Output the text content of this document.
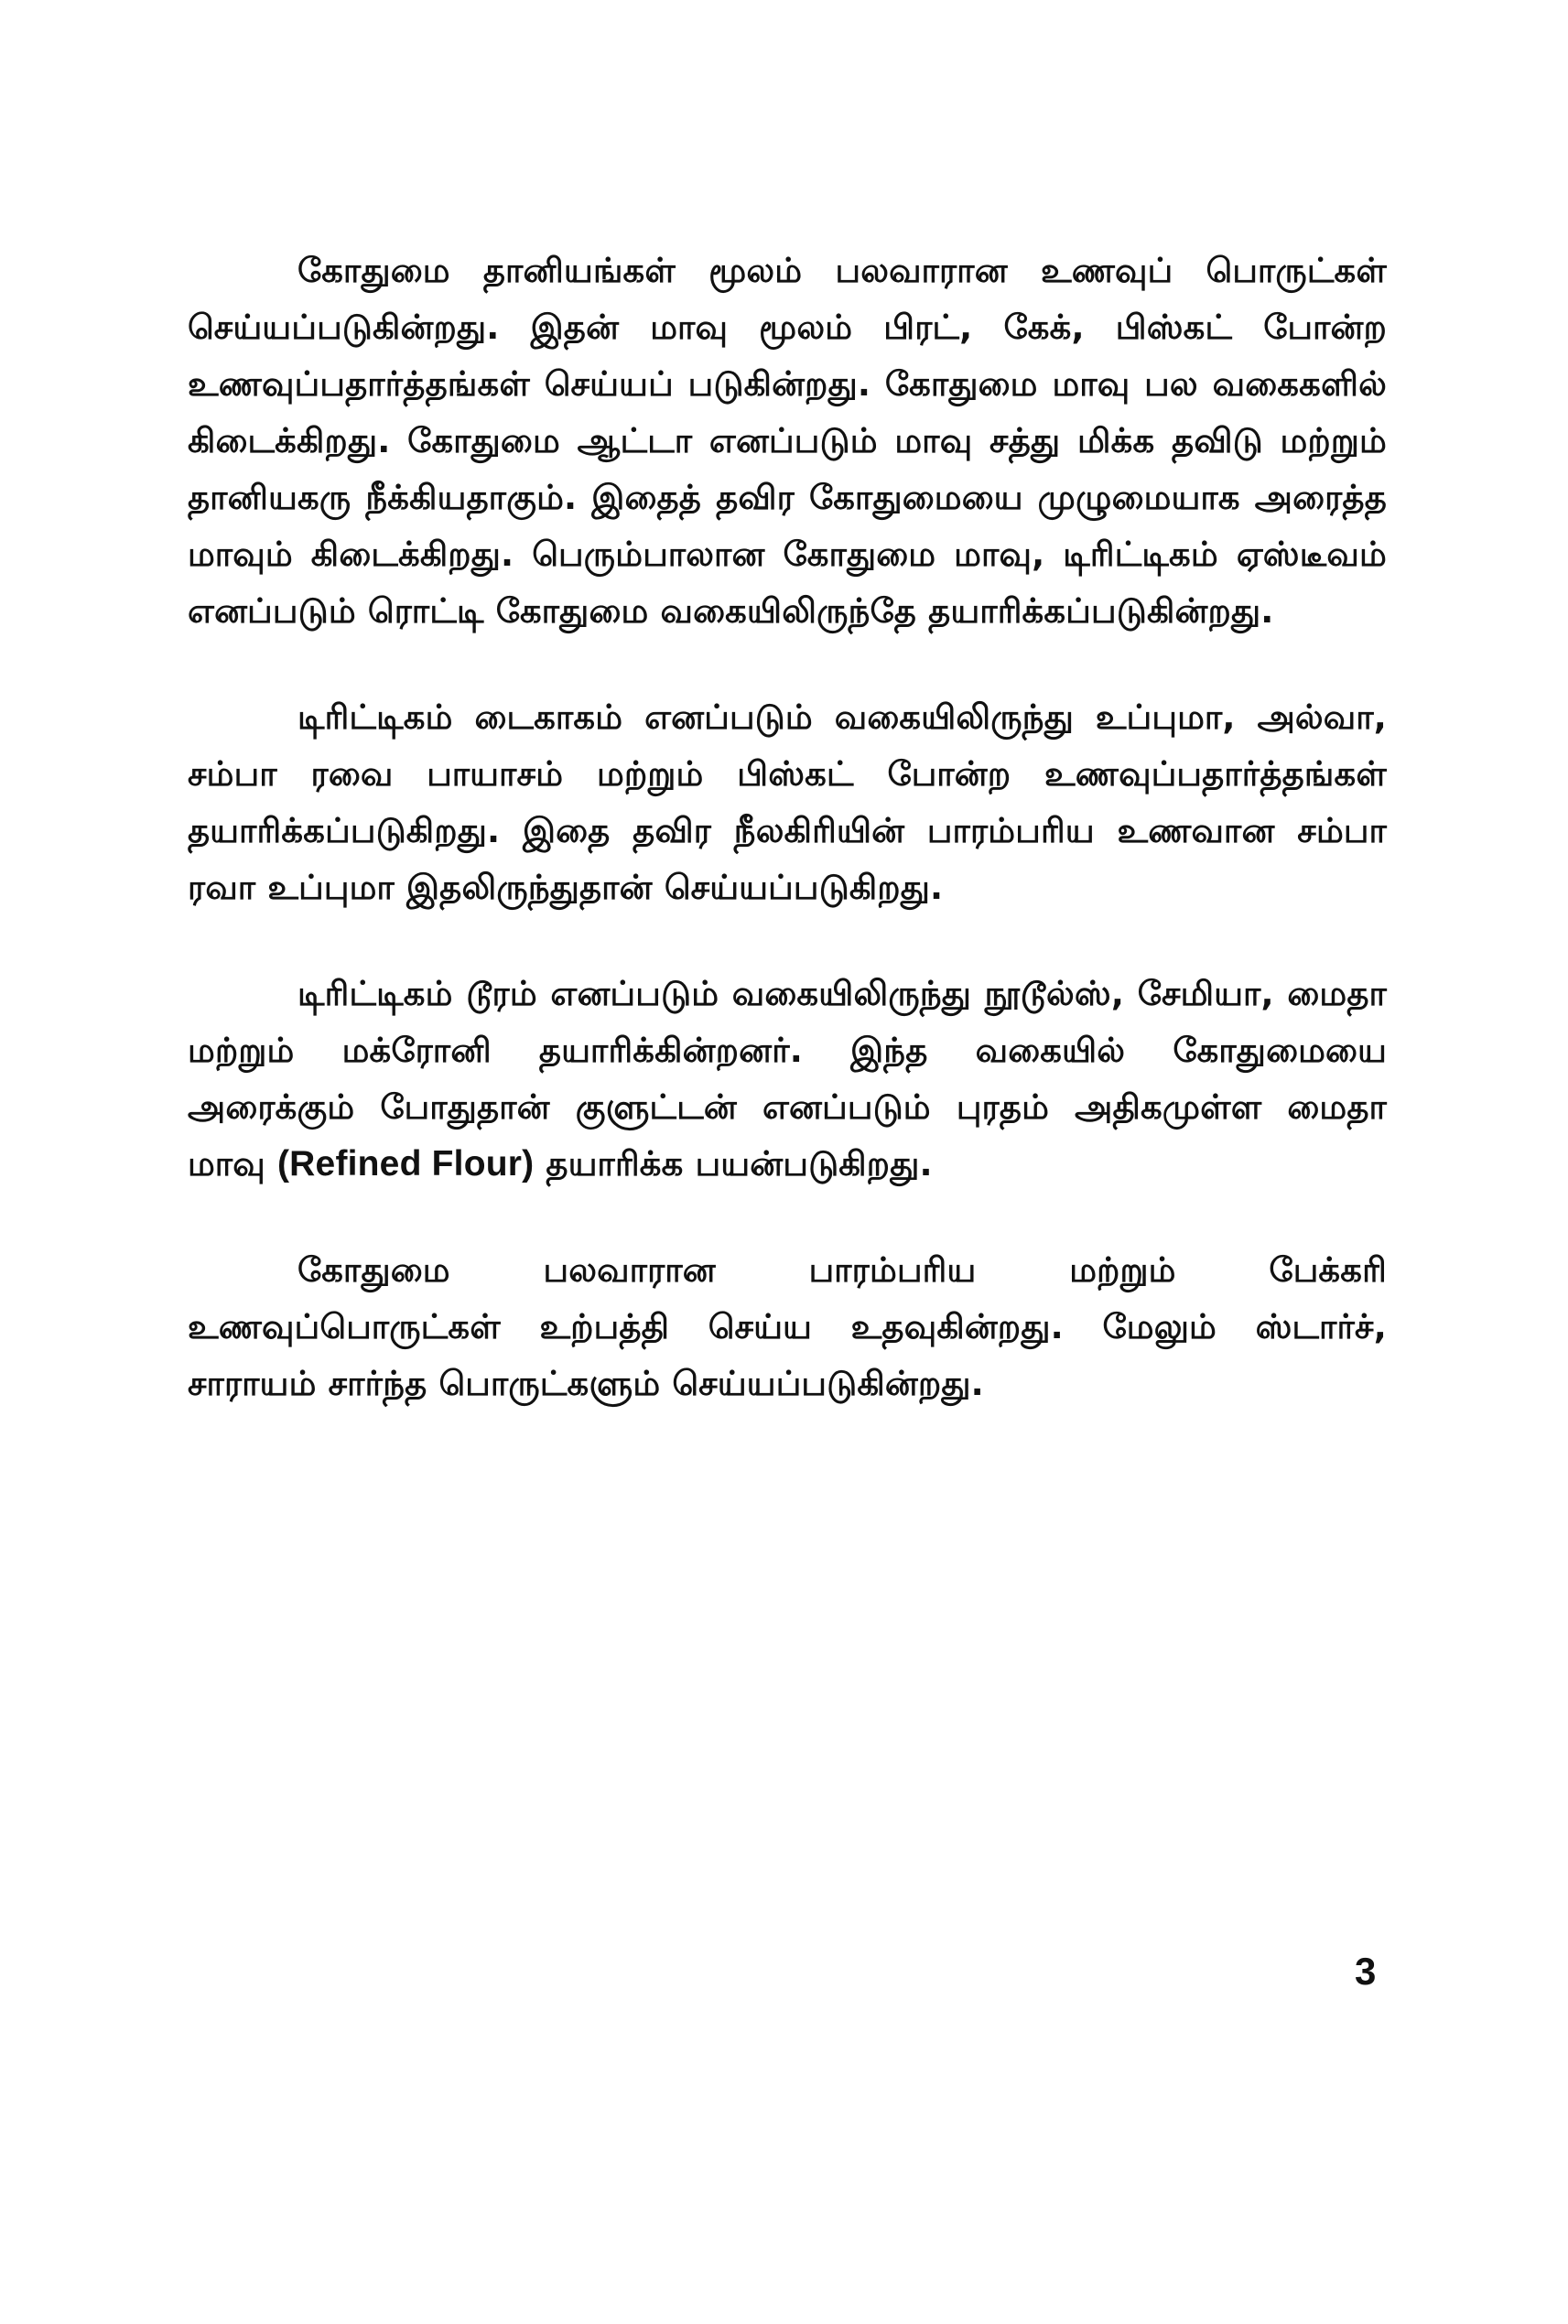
கோதுமை தானியங்கள் மூலம் பலவாரான உணவுப் பொருட்கள் செய்யப்படுகின்றது. இதன் மாவு மூலம் பிரட், கேக், பிஸ்கட் போன்ற உணவுப்பதார்த்தங்கள் செய்யப் படுகின்றது. கோதுமை மாவு பல வகைகளில் கிடைக்கிறது. கோதுமை ஆட்டா எனப்படும் மாவு சத்து மிக்க தவிடு மற்றும் தானியகரு நீக்கியதாகும். இதைத் தவிர கோதுமையை முழுமையாக அரைத்த மாவும் கிடைக்கிறது. பெரும்பாலான கோதுமை மாவு, டிரிட்டிகம் ஏஸ்டீவம் எனப்படும் ரொட்டி கோதுமை வகையிலிருந்தே தயாரிக்கப்படுகின்றது.

டிரிட்டிகம் டைகாகம் எனப்படும் வகையிலிருந்து உப்புமா, அல்வா, சம்பா ரவை பாயாசம் மற்றும் பிஸ்கட் போன்ற உணவுப்பதார்த்தங்கள் தயாரிக்கப்படுகிறது. இதை தவிர நீலகிரியின் பாரம்பரிய உணவான சம்பா ரவா உப்புமா இதலிருந்துதான் செய்யப்படுகிறது.

டிரிட்டிகம் டூரம் எனப்படும் வகையிலிருந்து நூடூல்ஸ், சேமியா, மைதா மற்றும் மக்ரோனி தயாரிக்கின்றனர். இந்த வகையில் கோதுமையை அரைக்கும் போதுதான் குளுட்டன் எனப்படும் புரதம் அதிகமுள்ள மைதா மாவு (Refined Flour) தயாரிக்க பயன்படுகிறது.

கோதுமை பலவாரான பாரம்பரிய மற்றும் பேக்கரி உணவுப்பொருட்கள் உற்பத்தி செய்ய உதவுகின்றது. மேலும் ஸ்டார்ச், சாராயம் சார்ந்த பொருட்களும் செய்யப்படுகின்றது.

3
